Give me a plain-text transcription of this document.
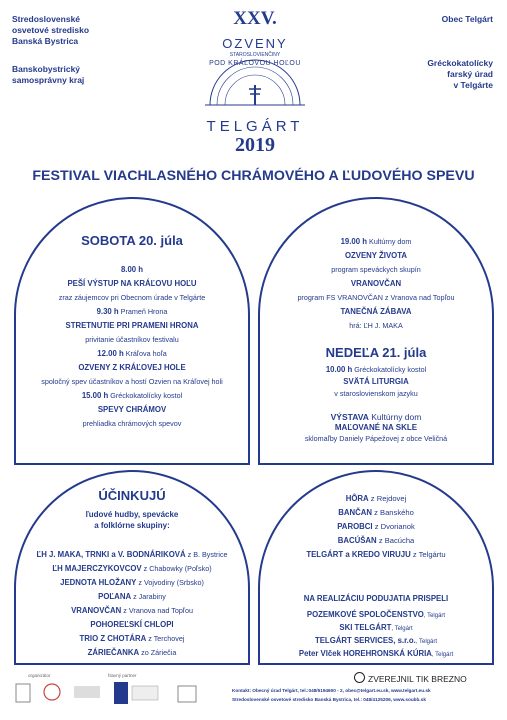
Stredoslovenské
osvetové stredisko
Banská Bystrica
Banskobystrický
samosprávny kraj
Obec Telgárt
Gréckokatolícky
farský úrad
v Telgárte
XXV.
OZVENY
STAROSLOVIENČINY
POD KRÁĽOVOU HOĽOU
TELGÁRT
2019
FESTIVAL VIACHLASNÉHO CHRÁMOVÉHO A ĽUDOVÉHO SPEVU
SOBOTA 20. júla
8.00 h
PEŠÍ VÝSTUP NA KRÁĽOVU HOĽU
zraz záujemcov pri Obecnom úrade v Telgárte
9.30 h Prameň Hrona
STRETNUTIE PRI PRAMENI HRONA
privitanie účastníkov festivalu
12.00 h Kráľova hoľa
OZVENY Z KRÁĽOVEJ HOLE
spoločný spev účastníkov a hostí Ozvien na Kráľovej holi
15.00 h Gréckokatolícky kostol
SPEVY CHRÁMOV
prehliadka chrámových spevov
19.00 h Kultúrny dom
OZVENY ŽIVOTA
program speváckych skupín
VRANOVČAN
program FS VRANOVČAN z Vranova nad Topľou
TANEČNÁ ZÁBAVA
hrá: ĽH J. MAKA
NEDEĽA 21. júla
10.00 h Gréckokatolícky kostol
SVÄTÁ LITURGIA
v staroslovienskom jazyku
VÝSTAVA Kultúrny dom
MAĽOVANÉ NA SKLE
sklomaľby Daniely Pápežovej z obce Veličná
ÚČINKUJÚ
ľudové hudby, spevácke
a folklórne skupiny:
ĽH J. MAKA, TRNKI a V. BODNÁRIKOVÁ z B. Bystrice
ĽH MAJERCZYKOVCOV z Chabowky (Poľsko)
JEDNOTA HLOŽANY z Vojvodiny (Srbsko)
POĽANA z Jarabiny
VRANOVČAN z Vranova nad Topľou
POHOREĽSKÍ CHLOPI
TRIO Z CHOTÁRA z Terchovej
ZÁRIEČANKA zo Záriečia
HÔRA z Rejdovej
BANČAN z Banského
PAROBCI z Dvorianok
BACÚŠAN z Bacúcha
TELGÁRT a KREDO VIRUJU z Telgártu
NA REALIZÁCIU PODUJATIA PRISPELI
POZEMKOVÉ SPOLOČENSTVO, Telgárt
SKI TELGÁRT, Telgárt
TELGÁRT SERVICES, s.r.o., Telgárt
Peter Vlček HOREHRONSKÁ KÚRIA, Telgárt
organizátor	hlavný partner	ZVEREJNIL TIK BREZNO
Kontakt: Obecný úrad Telgárt, tel.:048/6194600 - 2, obec@telgart.eu.sk, www.telgart.eu.sk
Stredoslovenské osvetové stredisko Banská Bystrica, tel.: 048/4125206, www.soubb.sk
